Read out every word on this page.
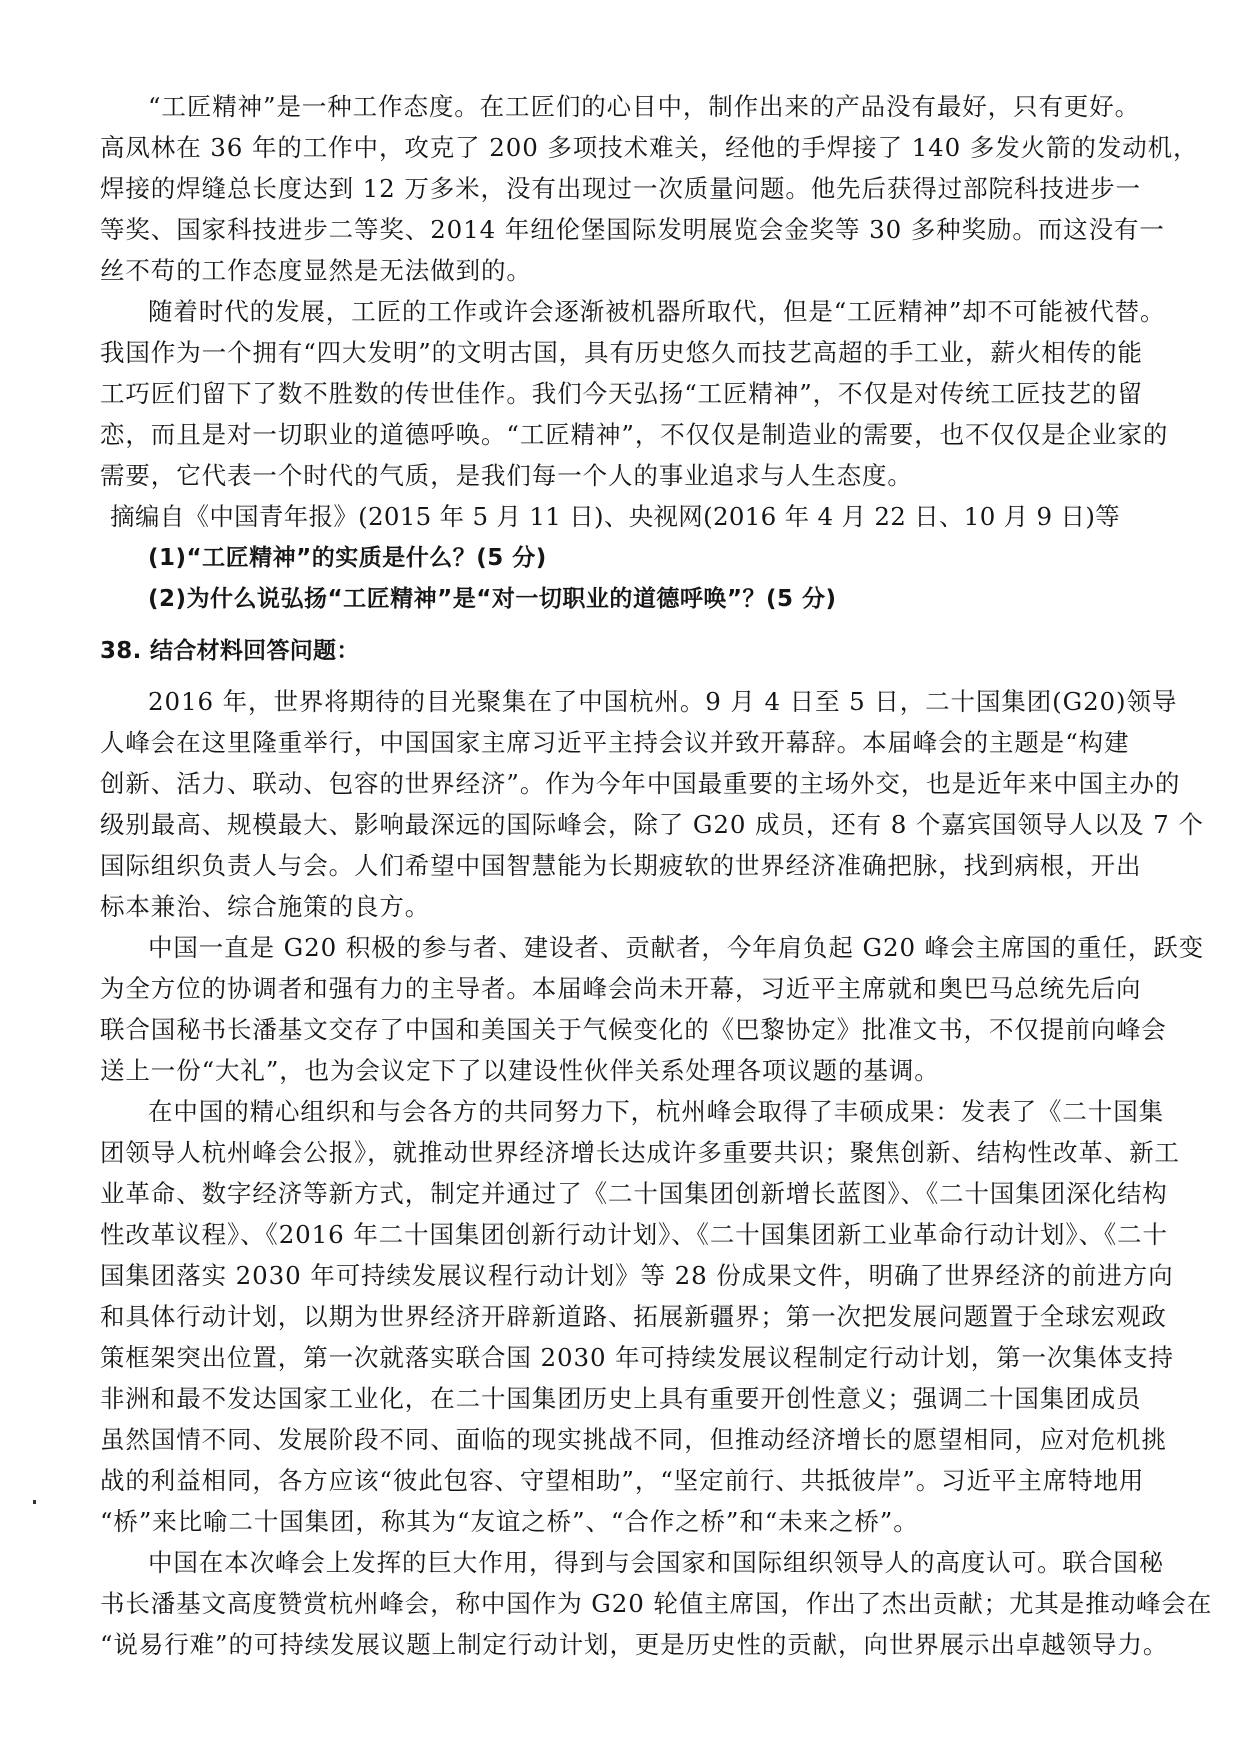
“工匠精神”是一种工作态度。在工匠们的心目中，制作出来的产品没有最好，只有更好。
高凤林在 36 年的工作中，攻克了 200 多项技术难关，经他的手焊接了 140 多发火箭的发动机，
焊接的焊缝总长度达到 12 万多米，没有出现过一次质量问题。他先后获得过部院科技进步一
等奖、国家科技进步二等奖、2014 年纽伦堡国际发明展览会金奖等 30 多种奖励。而这没有一
丝不苟的工作态度显然是无法做到的。
随着时代的发展，工匠的工作或许会逐渐被机器所取代，但是“工匠精神”却不可能被代替。
我国作为一个拥有“四大发明”的文明古国，具有历史悠久而技艺高超的手工业，薪火相传的能
工巧匠们留下了数不胜数的传世佳作。我们今天弘扬“工匠精神”，不仅是对传统工匠技艺的留
恋，而且是对一切职业的道德呼唤。“工匠精神”，不仅仅是制造业的需要，也不仅仅是企业家的
需要，它代表一个时代的气质，是我们每一个人的事业追求与人生态度。
摘编自《中国青年报》(2015 年 5 月 11 日)、央视网(2016 年 4 月 22 日、10 月 9 日)等
(1)“工匠精神”的实质是什么？(5 分)
(2)为什么说弘扬“工匠精神”是“对一切职业的道德呼唤”？(5 分)
38. 结合材料回答问题：
2016 年，世界将期待的目光聚集在了中国杭州。9 月 4 日至 5 日，二十国集团(G20)领导
人峰会在这里隆重举行，中国国家主席习近平主持会议并致开幕辞。本届峰会的主题是“构建
创新、活力、联动、包容的世界经济”。作为今年中国最重要的主场外交，也是近年来中国主办的
级别最高、规模最大、影响最深远的国际峰会，除了 G20 成员，还有 8 个嘉宾国领导人以及 7 个
国际组织负责人与会。人们希望中国智慧能为长期疲软的世界经济准确把脉，找到病根，开出
标本兼治、综合施策的良方。
中国一直是 G20 积极的参与者、建设者、贡献者，今年肩负起 G20 峰会主席国的重任，跃变
为全方位的协调者和强有力的主导者。本届峰会尚未开幕，习近平主席就和奥巴马总统先后向
联合国秘书长潘基文交存了中国和美国关于气候变化的《巴黎协定》批准文书，不仅提前向峰会
送上一份“大礼”，也为会议定下了以建设性伙伴关系处理各项议题的基调。
在中国的精心组织和与会各方的共同努力下，杭州峰会取得了丰硕成果：发表了《二十国集
团领导人杭州峰会公报》，就推动世界经济增长达成许多重要共识；聚焦创新、结构性改革、新工
业革命、数字经济等新方式，制定并通过了《二十国集团创新增长蓝图》、《二十国集团深化结构
性改革议程》、《2016 年二十国集团创新行动计划》、《二十国集团新工业革命行动计划》、《二十
国集团落实 2030 年可持续发展议程行动计划》等 28 份成果文件，明确了世界经济的前进方向
和具体行动计划，以期为世界经济开辟新道路、拓展新疆界；第一次把发展问题置于全球宏观政
策框架突出位置，第一次就落实联合国 2030 年可持续发展议程制定行动计划，第一次集体支持
非洲和最不发达国家工业化，在二十国集团历史上具有重要开创性意义；强调二十国集团成员
虽然国情不同、发展阶段不同、面临的现实挑战不同，但推动经济增长的愿望相同，应对危机挑
战的利益相同，各方应该“彼此包容、守望相助”，“坚定前行、共抵彼岸”。习近平主席特地用
“桥”来比喻二十国集团，称其为“友谊之桥”、“合作之桥”和“未来之桥”。
中国在本次峰会上发挥的巨大作用，得到与会国家和国际组织领导人的高度认可。联合国秘
书长潘基文高度赞赏杭州峰会，称中国作为 G20 轮值主席国，作出了杰出贡献；尤其是推动峰会在
“说易行难”的可持续发展议题上制定行动计划，更是历史性的贡献，向世界展示出卓越领导力。
